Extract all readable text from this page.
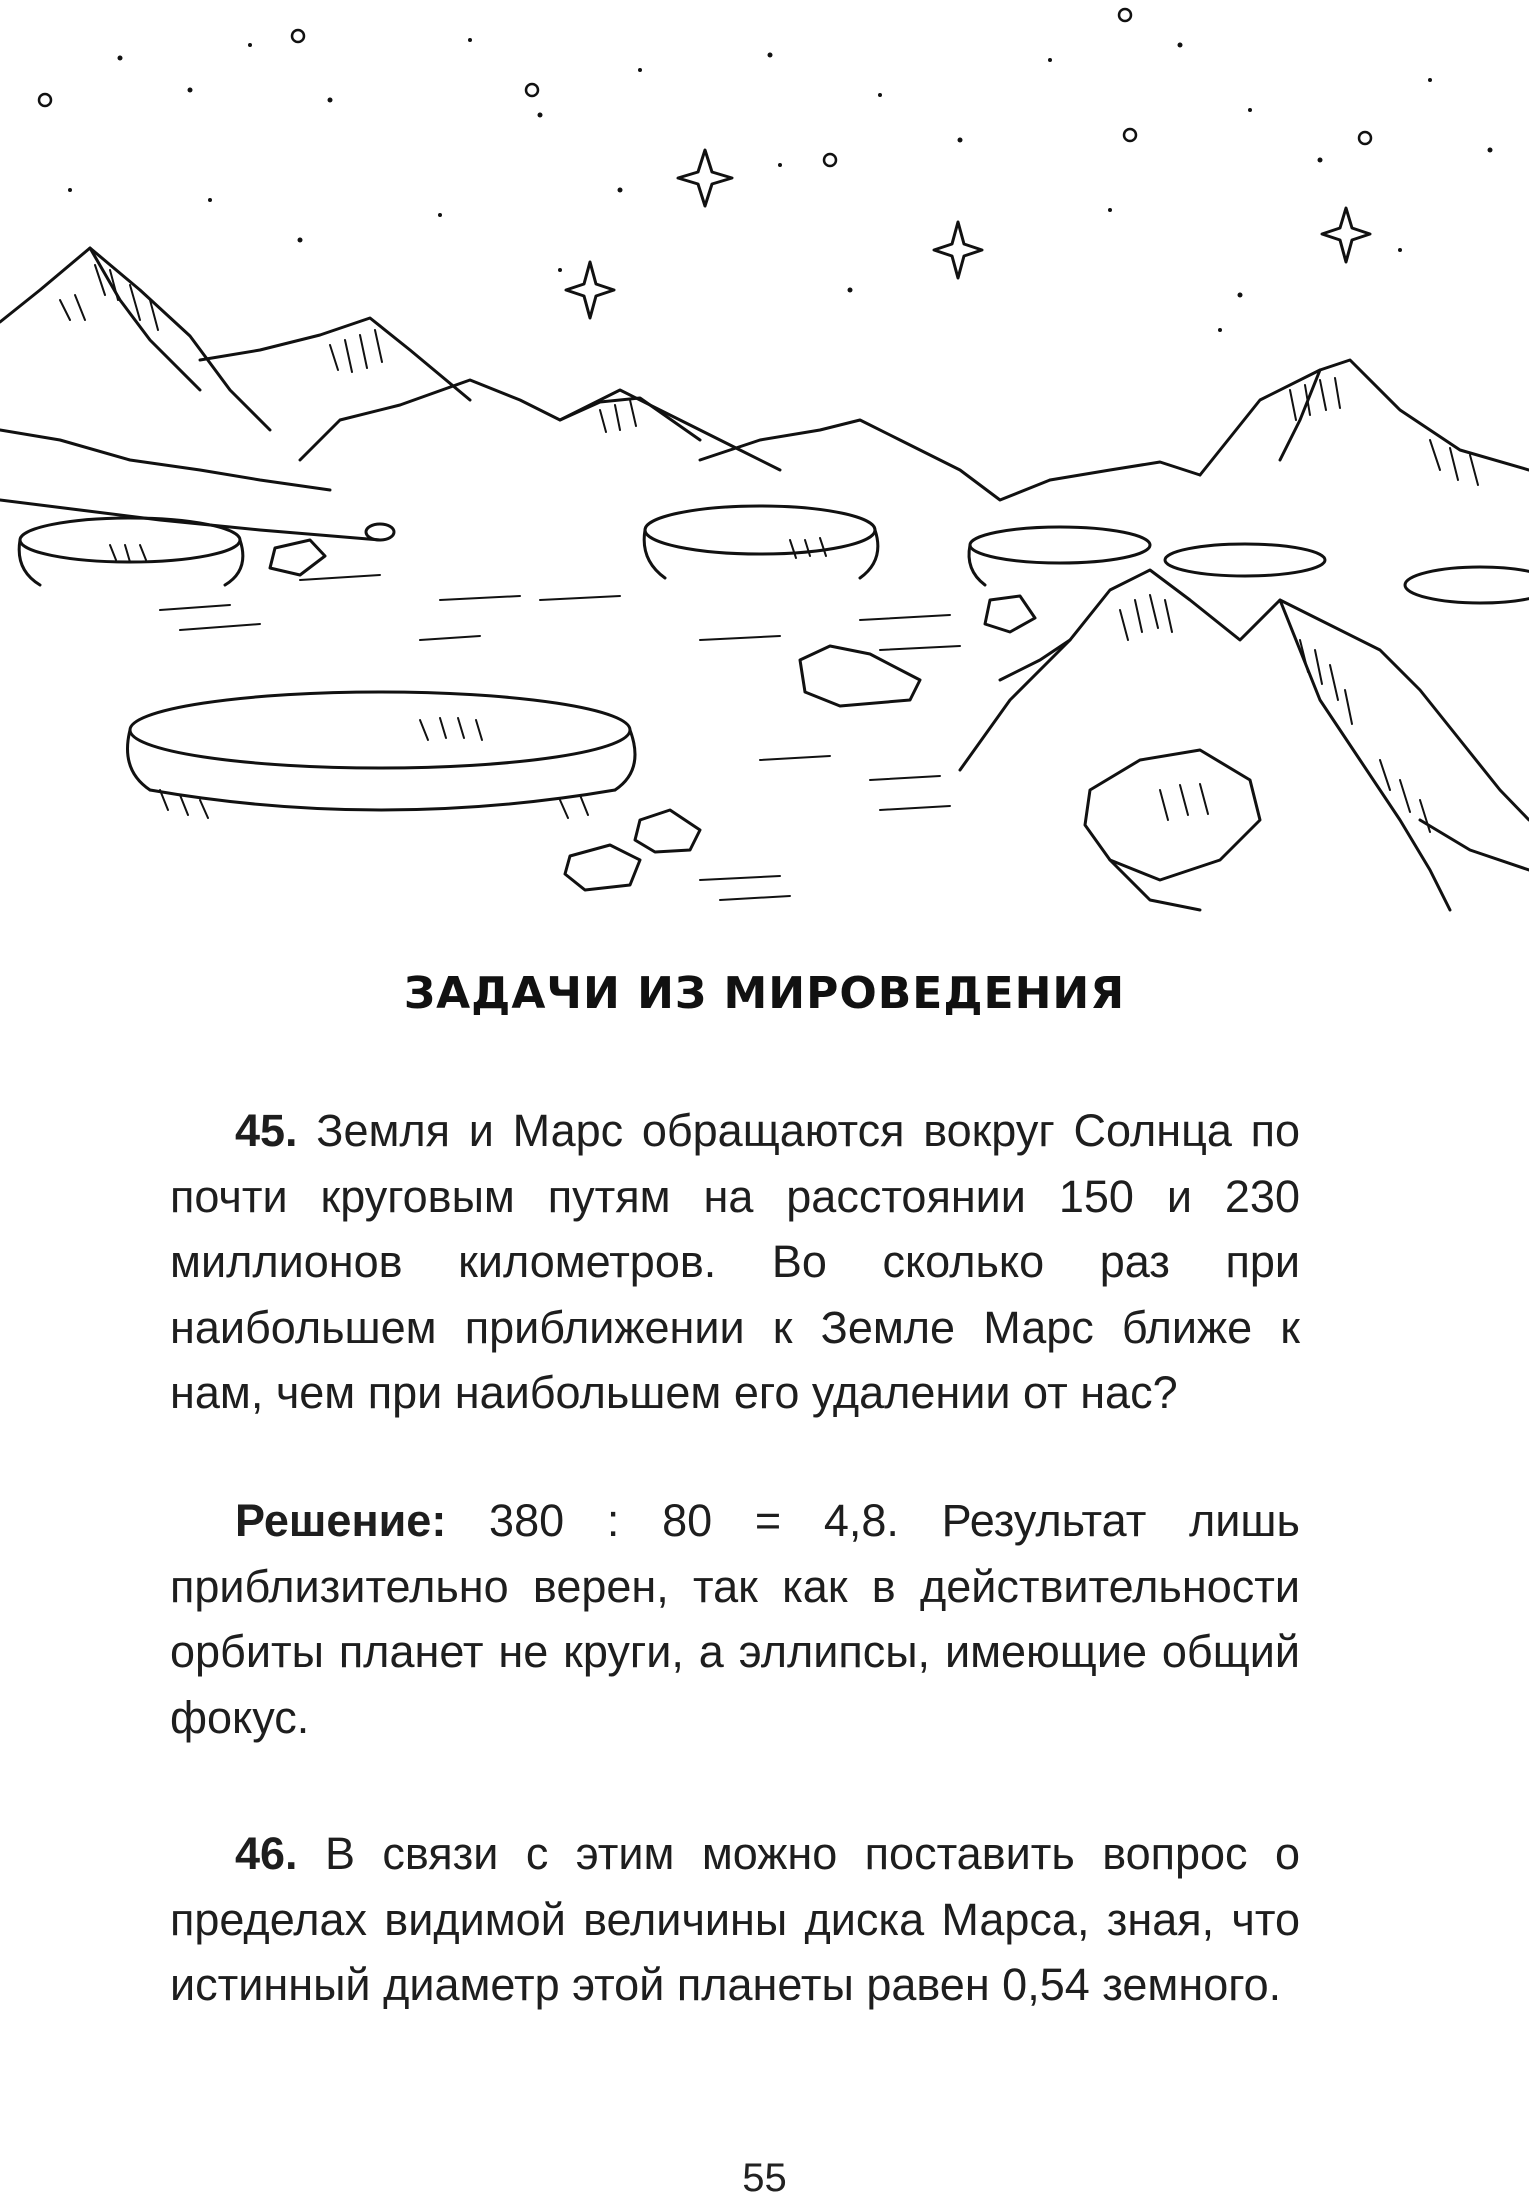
ЗАДАЧИ ИЗ МИРОВЕДЕНИЯ

45. Земля и Марс обращаются вокруг Солнца по почти круговым путям на расстоянии 150 и 230 миллионов километров. Во сколько раз при наибольшем приближении к Земле Марс ближе к нам, чем при наибольшем его удалении от нас?

Решение: 380 : 80 = 4,8. Результат лишь приблизительно верен, так как в действительности орбиты планет не круги, а эллипсы, имеющие общий фокус.

46. В связи с этим можно поставить вопрос о пределах видимой величины диска Марса, зная, что истинный диаметр этой планеты равен 0,54 земного.

55
